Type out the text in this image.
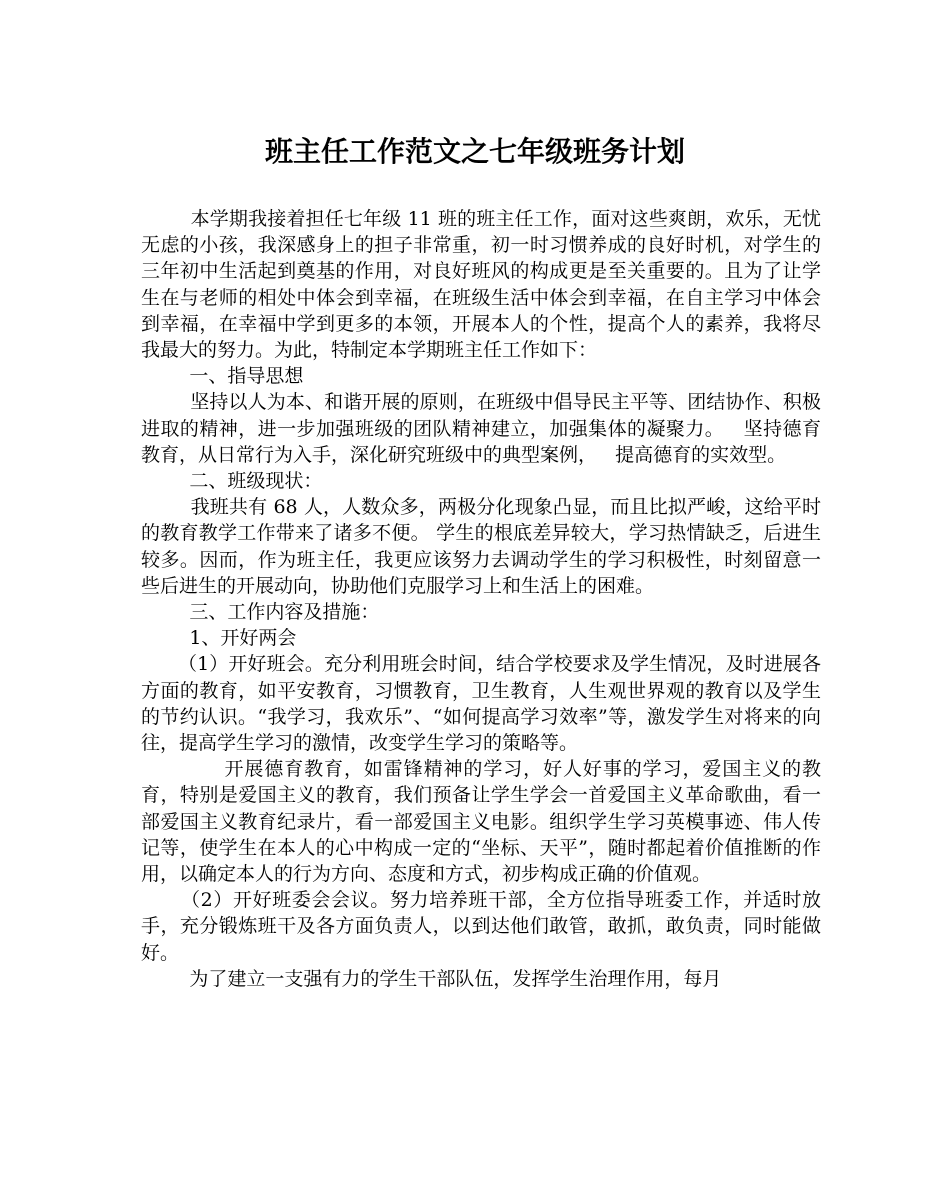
班主任工作范文之七年级班务计划

本学期我接着担任七年级 11 班的班主任工作，面对这些爽朗，欢乐，无忧无虑的小孩，我深感身上的担子非常重，初一时习惯养成的良好时机，对学生的三年初中生活起到奠基的作用，对良好班风的构成更是至关重要的。且为了让学生在与老师的相处中体会到幸福，在班级生活中体会到幸福，在自主学习中体会到幸福，在幸福中学到更多的本领，开展本人的个性，提高个人的素养，我将尽我最大的努力。为此，特制定本学期班主任工作如下：

一、指导思想

坚持以人为本、和谐开展的原则，在班级中倡导民主平等、团结协作、积极进取的精神，进一步加强班级的团队精神建立，加强集体的凝聚力。   坚持德育教育，从日常行为入手，深化研究班级中的典型案例，   提高德育的实效型。

二、班级现状：

我班共有 68 人，人数众多，两极分化现象凸显，而且比拟严峻，这给平时的教育教学工作带来了诸多不便。 学生的根底差异较大，学习热情缺乏，后进生较多。因而，作为班主任，我更应该努力去调动学生的学习积极性，时刻留意一些后进生的开展动向，协助他们克服学习上和生活上的困难。

三、工作内容及措施：

1、开好两会

（1）开好班会。充分利用班会时间，结合学校要求及学生情况，及时进展各方面的教育，如平安教育，习惯教育，卫生教育，人生观世界观的教育以及学生的节约认识。“我学习，我欢乐”、“如何提高学习效率”等，激发学生对将来的向往，提高学生学习的激情，改变学生学习的策略等。

开展德育教育，如雷锋精神的学习，好人好事的学习，爱国主义的教育，特别是爱国主义的教育，我们预备让学生学会一首爱国主义革命歌曲，看一部爱国主义教育纪录片，看一部爱国主义电影。组织学生学习英模事迹、伟人传记等，使学生在本人的心中构成一定的“坐标、天平”，随时都起着价值推断的作用，以确定本人的行为方向、态度和方式，初步构成正确的价值观。

（2）开好班委会会议。努力培养班干部，全方位指导班委工作，并适时放手，充分锻炼班干及各方面负责人，以到达他们敢管，敢抓，敢负责，同时能做好。

为了建立一支强有力的学生干部队伍，发挥学生治理作用，每月
